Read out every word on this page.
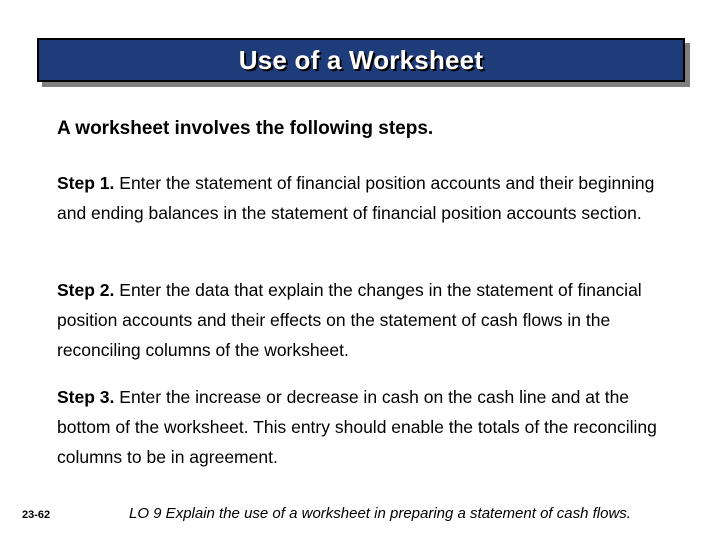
Use of a Worksheet
A worksheet involves the following steps.
Step 1. Enter the statement of financial position accounts and their beginning and ending balances in the statement of financial position accounts section.
Step 2. Enter the data that explain the changes in the statement of financial position accounts and their effects on the statement of cash flows in the reconciling columns of the worksheet.
Step 3. Enter the increase or decrease in cash on the cash line and at the bottom of the worksheet. This entry should enable the totals of the reconciling columns to be in agreement.
23-62	LO 9 Explain the use of a worksheet in preparing a statement of cash flows.
